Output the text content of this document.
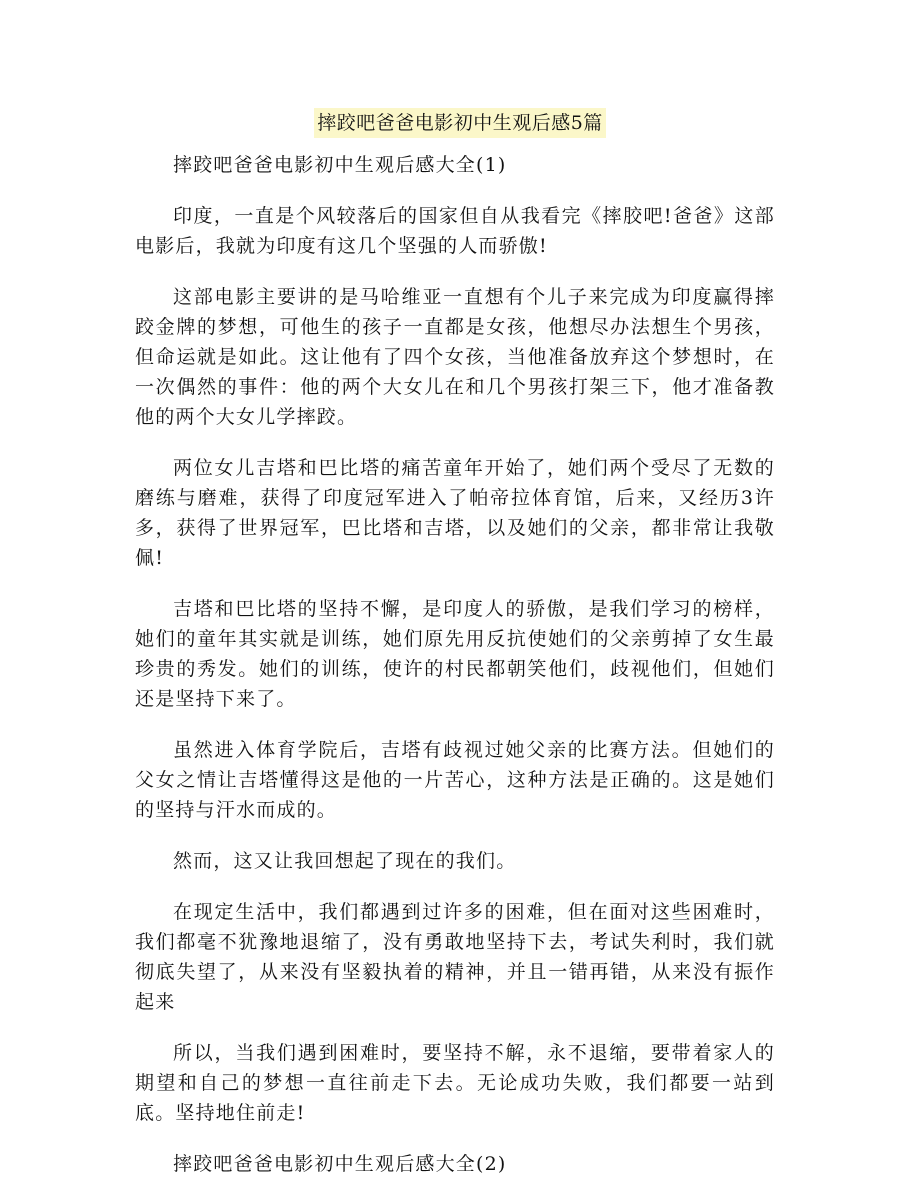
摔跤吧爸爸电影初中生观后感5篇

摔跤吧爸爸电影初中生观后感大全(1)

印度，一直是个风较落后的国家但自从我看完《摔胶吧!爸爸》这部电影后，我就为印度有这几个坚强的人而骄傲!

这部电影主要讲的是马哈维亚一直想有个儿子来完成为印度赢得摔跤金牌的梦想，可他生的孩子一直都是女孩，他想尽办法想生个男孩，但命运就是如此。这让他有了四个女孩，当他准备放弃这个梦想时，在一次偶然的事件：他的两个大女儿在和几个男孩打架三下，他才准备教他的两个大女儿学摔跤。

两位女儿吉塔和巴比塔的痛苦童年开始了，她们两个受尽了无数的磨练与磨难，获得了印度冠军进入了帕帝拉体育馆，后来，又经历3许多，获得了世界冠军，巴比塔和吉塔，以及她们的父亲，都非常让我敬佩!

吉塔和巴比塔的坚持不懈，是印度人的骄傲，是我们学习的榜样，她们的童年其实就是训练，她们原先用反抗使她们的父亲剪掉了女生最珍贵的秀发。她们的训练，使许的村民都朝笑他们，歧视他们，但她们还是坚持下来了。

虽然进入体育学院后，吉塔有歧视过她父亲的比赛方法。但她们的父女之情让吉塔懂得这是他的一片苦心，这种方法是正确的。这是她们的坚持与汗水而成的。

然而，这又让我回想起了现在的我们。

在现定生活中，我们都遇到过许多的困难，但在面对这些困难时，我们都毫不犹豫地退缩了，没有勇敢地坚持下去，考试失利时，我们就彻底失望了，从来没有坚毅执着的精神，并且一错再错，从来没有振作起来

所以，当我们遇到困难时，要坚持不解，永不退缩，要带着家人的期望和自己的梦想一直往前走下去。无论成功失败，我们都要一站到底。坚持地住前走!

摔跤吧爸爸电影初中生观后感大全(2)
